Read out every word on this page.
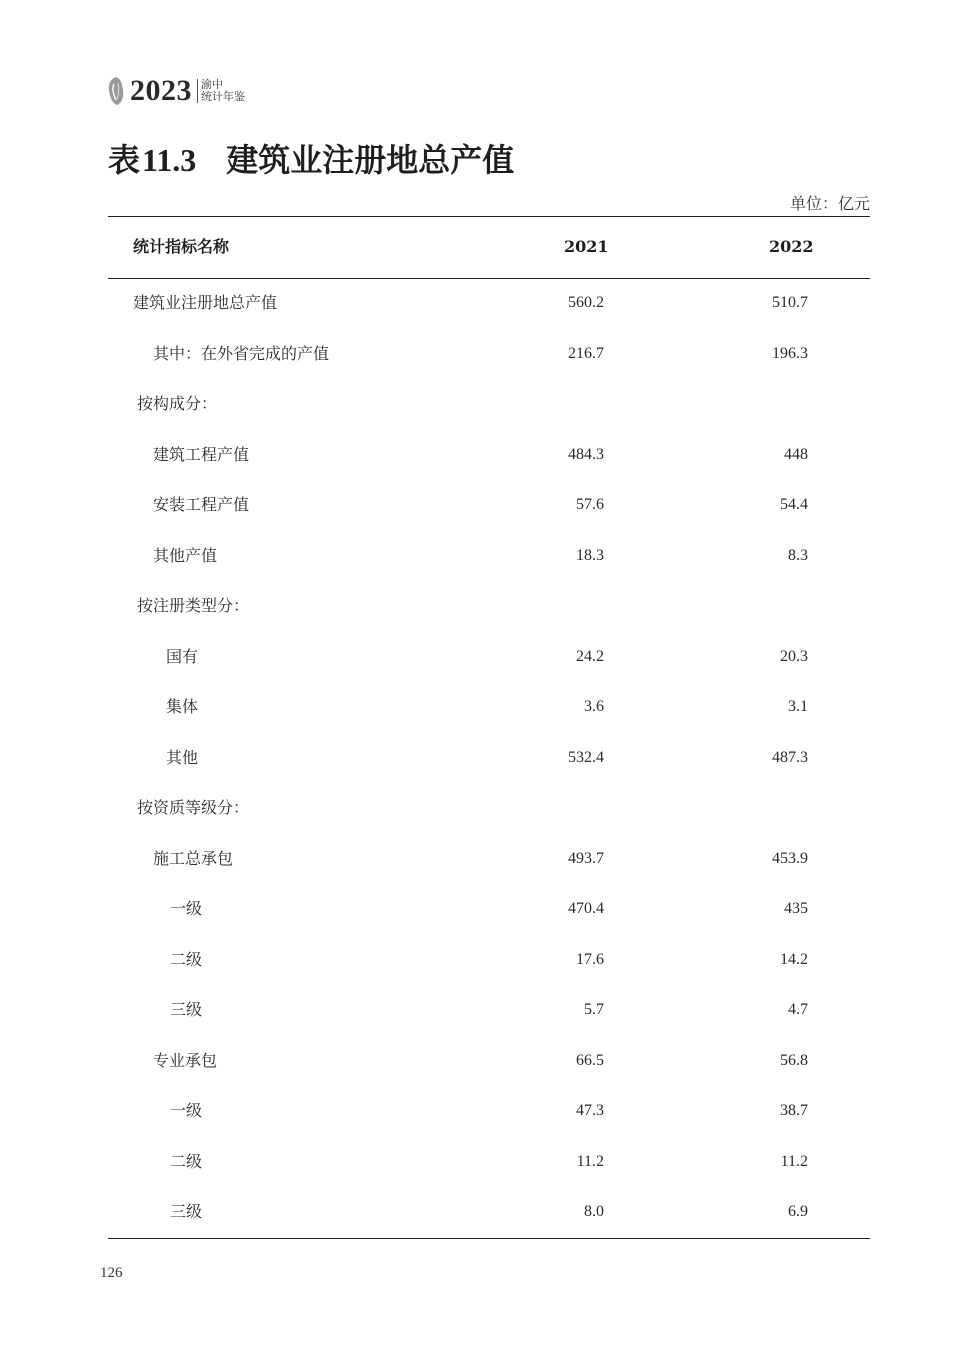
2023 渝中
统计年鉴
表11.3 建筑业注册地总产值
单位：亿元
统计指标名称	2021	2022
建筑业注册地总产值	560.2	510.7
其中：在外省完成的产值	216.7	196.3
按构成分：
建筑工程产值	484.3	448
安装工程产值	57.6	54.4
其他产值	18.3	8.3
按注册类型分：
国有	24.2	20.3
集体	3.6	3.1
其他	532.4	487.3
按资质等级分：
施工总承包	493.7	453.9
一级	470.4	435
二级	17.6	14.2
三级	5.7	4.7
专业承包	66.5	56.8
一级	47.3	38.7
二级	11.2	11.2
三级	8.0	6.9
126
